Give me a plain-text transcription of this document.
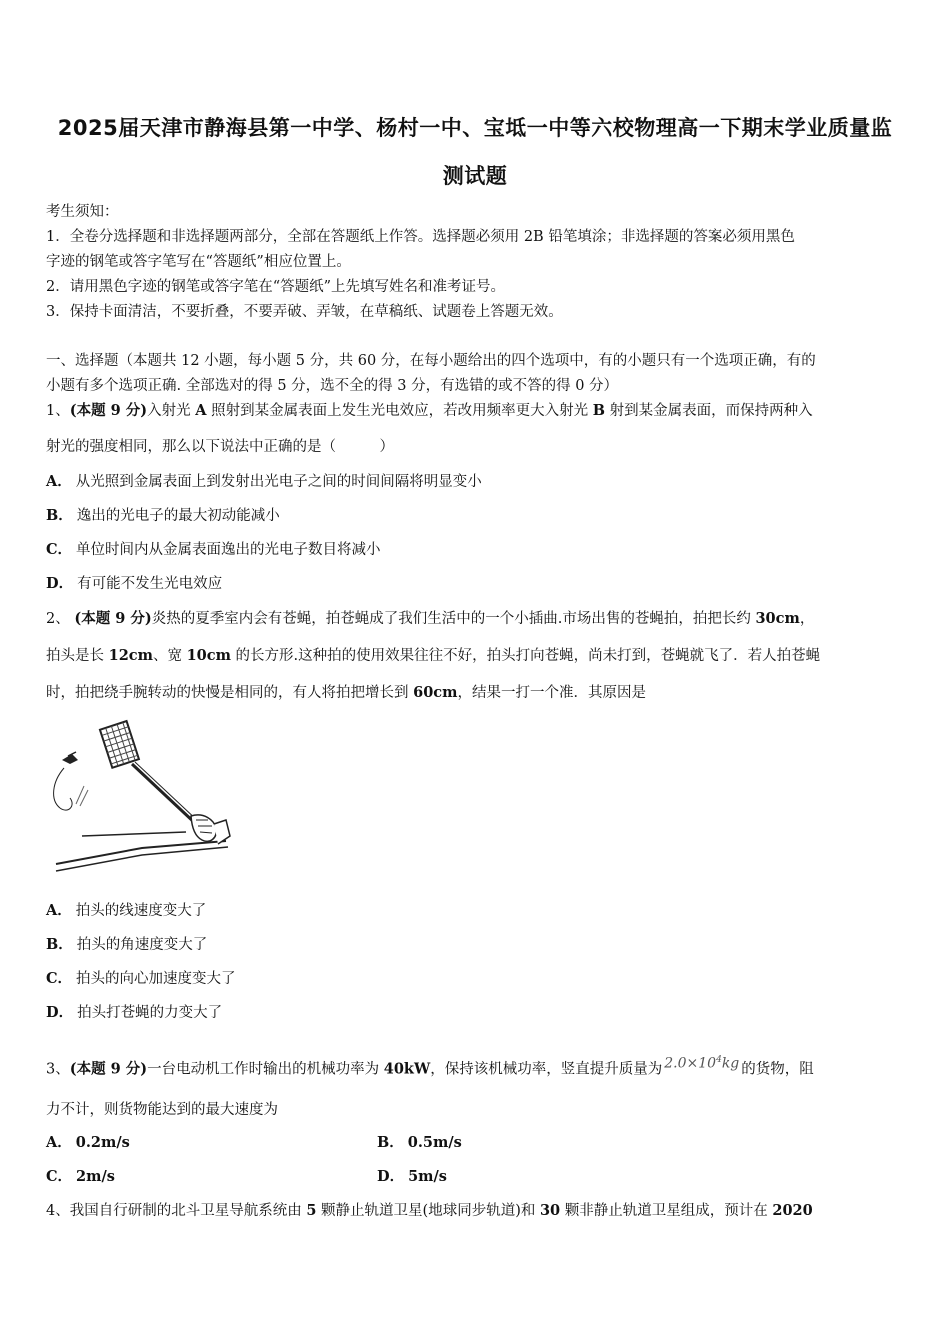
2025届天津市静海县第一中学、杨村一中、宝坻一中等六校物理高一下期末学业质量监
测试题
考生须知：
1．全卷分选择题和非选择题两部分，全部在答题纸上作答。选择题必须用 2B 铅笔填涂；非选择题的答案必须用黑色
字迹的钢笔或答字笔写在“答题纸”相应位置上。
2．请用黑色字迹的钢笔或答字笔在“答题纸”上先填写姓名和准考证号。
3．保持卡面清洁，不要折叠，不要弄破、弄皱，在草稿纸、试题卷上答题无效。
一、选择题（本题共 12 小题，每小题 5 分，共 60 分，在每小题给出的四个选项中，有的小题只有一个选项正确，有的
小题有多个选项正确. 全部选对的得 5 分，选不全的得 3 分，有选错的或不答的得 0 分）
1、(本题 9 分)入射光 A 照射到某金属表面上发生光电效应，若改用频率更大入射光 B 射到某金属表面，而保持两种入
射光的强度相同，那么以下说法中正确的是（　　　）
A． 从光照到金属表面上到发射出光电子之间的时间间隔将明显变小
B． 逸出的光电子的最大初动能减小
C． 单位时间内从金属表面逸出的光电子数目将减小
D． 有可能不发生光电效应
2、 (本题 9 分)炎热的夏季室内会有苍蝇，拍苍蝇成了我们生活中的一个小插曲.市场出售的苍蝇拍，拍把长约 30cm，
拍头是长 12cm、宽 10cm 的长方形.这种拍的使用效果往往不好，拍头打向苍蝇，尚未打到，苍蝇就飞了．若人拍苍蝇
时，拍把绕手腕转动的快慢是相同的，有人将拍把增长到 60cm，结果一打一个准．其原因是
A． 拍头的线速度变大了
B． 拍头的角速度变大了
C． 拍头的向心加速度变大了
D． 拍头打苍蝇的力变大了
3、(本题 9 分)一台电动机工作时输出的机械功率为 40kW，保持该机械功率，竖直提升质量为 $2.0\times 10^4kg$ 的货物，阻
力不计，则货物能达到的最大速度为
A． 0.2m/s	B． 0.5m/s
C． 2m/s	D． 5m/s
4、我国自行研制的北斗卫星导航系统由 5 颗静止轨道卫星(地球同步轨道)和 30 颗非静止轨道卫星组成，预计在 2020
